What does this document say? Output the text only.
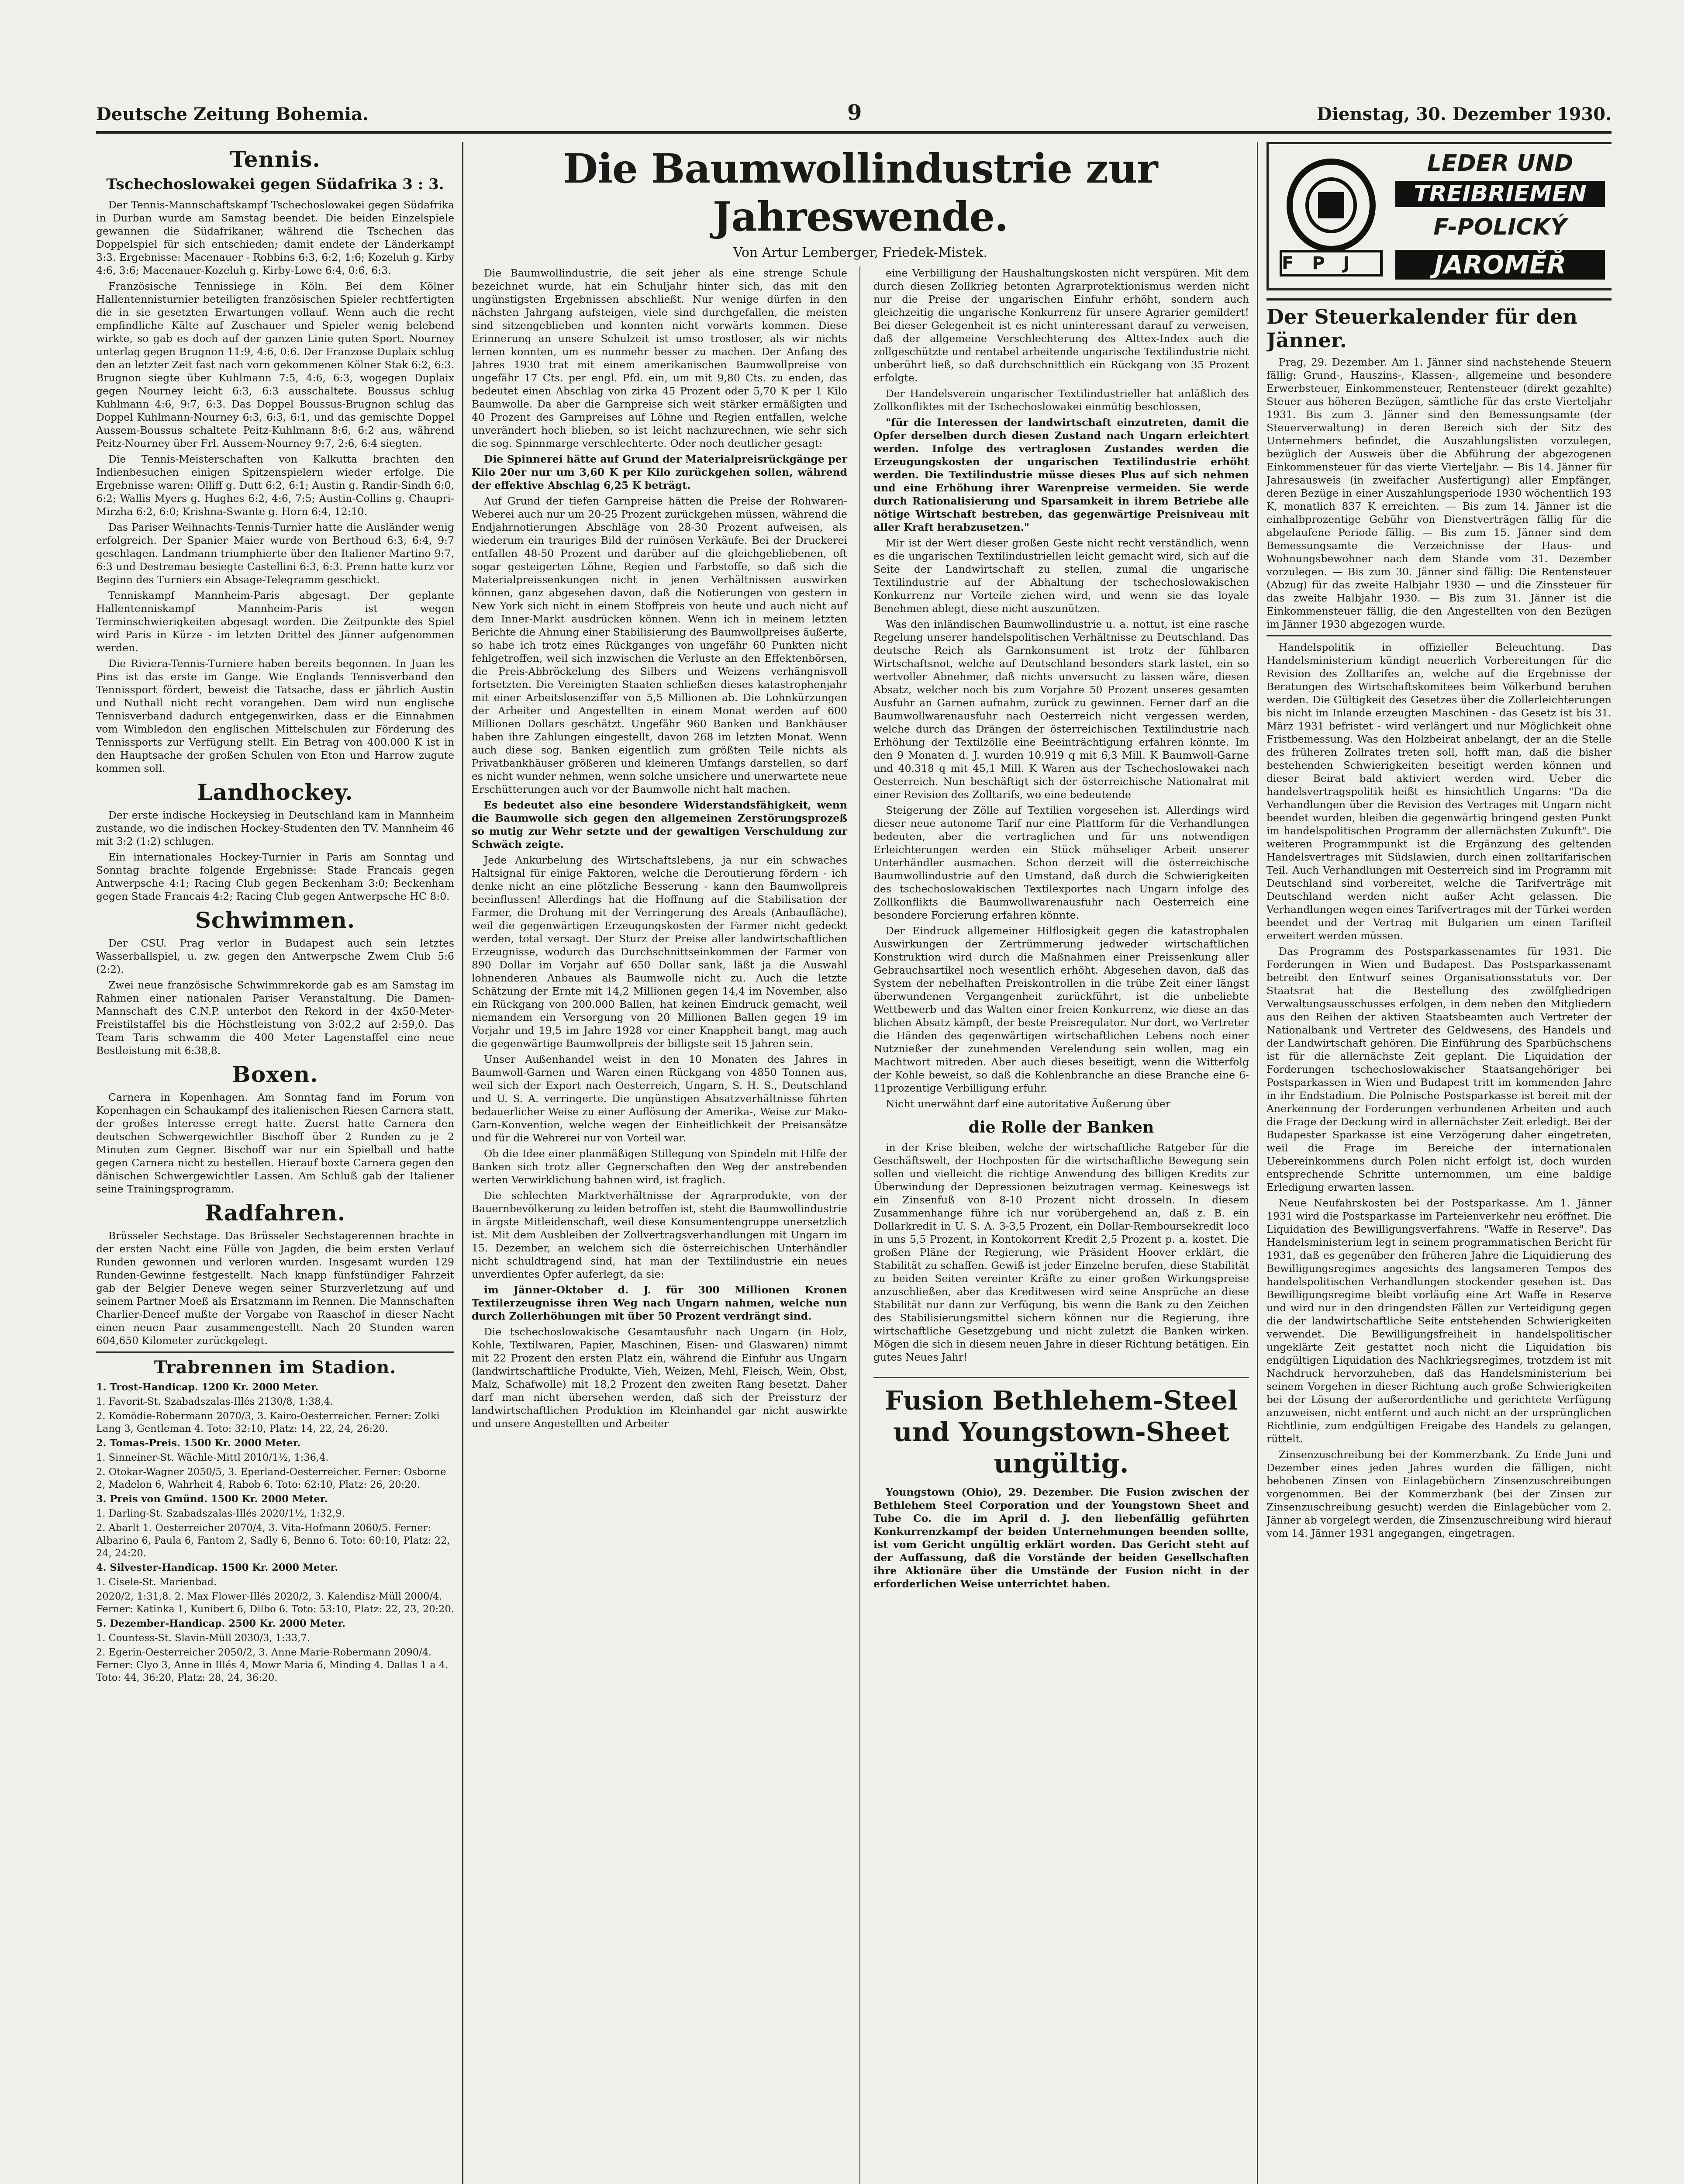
Deutsche Zeitung Bohemia.	9	Dienstag, 30. Dezember 1930.
Tennis.
Tschechoslowakei gegen Südafrika 3 : 3.

Der Tennis-Mannschaftskampf Tschechoslowakei gegen Südafrika in Durban wurde am Samstag beendet. Die beiden Einzelspiele gewannen die Südafrikaner, während die Tschechen das Doppelspiel für sich entschieden; damit endete der Länderkampf 3:3. Ergebnisse: Macenauer - Robbins 6:3, 6:2, 1:6; Kozeluh g. Kirby 4:6, 3:6; Macenauer-Kozeluh g. Kirby-Lowe 6:4, 0:6, 6:3.

Französische Tennissiege in Köln. Bei dem Kölner Hallentennisturnier beteiligten französischen Spieler rechtfertigten die in sie gesetzten Erwartungen vollauf. Wenn auch die recht empfindliche Kälte auf Zuschauer und Spieler wenig belebend wirkte, so gab es doch auf der ganzen Linie guten Sport. Nourney unterlag gegen Brugnon 11:9, 4:6, 0:6. Der Franzose Duplaix schlug den an letzter Zeit fast nach vorn gekommenen Kölner Stak 6:2, 6:3. Brugnon siegte über Kuhlmann 7:5, 4:6, 6:3, wogegen Duplaix gegen Nourney leicht 6:3, 6:3 ausschaltete. Boussus schlug Kuhlmann 4:6, 9:7, 6:3. Das Doppel Boussus-Brugnon schlug das Doppel Kuhlmann-Nourney 6:3, 6:3, 6:1, und das gemischte Doppel Aussem-Boussus schaltete Peitz-Kuhlmann 8:6, 6:2 aus, während Peitz-Nourney über Frl. Aussem-Nourney 9:7, 2:6, 6:4 siegten.

Die Tennis-Meisterschaften von Kalkutta brachten den Indienbesuchen einigen Spitzenspielern wieder erfolge. Die Ergebnisse waren: Olliff g. Dutt 6:2, 6:1; Austin g. Randir-Sindh 6:0, 6:2; Wallis Myers g. Hughes 6:2, 4:6, 7:5; Austin-Collins g. Chaupri-Mirzha 6:2, 6:0; Krishna-Swante g. Horn 6:4, 12:10.

Das Pariser Weihnachts-Tennis-Turnier hatte die Ausländer wenig erfolgreich. Der Spanier Maier wurde von Berthoud 6:3, 6:4, 9:7 geschlagen. Landmann triumphierte über den Italiener Martino 9:7, 6:3 und Destremau besiegte Castellini 6:3, 6:3. Prenn hatte kurz vor Beginn des Turniers ein Absage-Telegramm geschickt.

Tenniskampf Mannheim-Paris abgesagt. Der geplante Hallentenniskampf Mannheim-Paris ist wegen Terminschwierigkeiten abgesagt worden. Die Zeitpunkte des Spiel wird Paris in Kürze - im letzten Drittel des Jänner aufgenommen werden.

Die Riviera-Tennis-Turniere haben bereits begonnen. In Juan les Pins ist das erste im Gange. Wie Englands Tennisverband den Tennissport fördert, beweist die Tatsache, dass er jährlich Austin und Nuthall nicht recht vorangehen. Dem wird nun englische Tennisverband dadurch entgegenwirken, dass er die Einnahmen vom Wimbledon den englischen Mittelschulen zur Förderung des Tennissports zur Verfügung stellt. Ein Betrag von 400.000 K ist in den Hauptsache der großen Schulen von Eton und Harrow zugute kommen soll.

Landhockey.

Der erste indische Hockeysieg in Deutschland kam in Mannheim zustande, wo die indischen Hockey-Studenten den TV. Mannheim 46 mit 3:2 (1:2) schlugen.

Ein internationales Hockey-Turnier in Paris am Sonntag und Sonntag brachte folgende Ergebnisse: Stade Francais gegen Antwerpsche 4:1; Racing Club gegen Beckenham 3:0; Beckenham gegen Stade Francais 4:2; Racing Club gegen Antwerpsche HC 8:0.

Schwimmen.

Der CSU. Prag verlor in Budapest auch sein letztes Wasserballspiel, u. zw. gegen den Antwerpsche Zwem Club 5:6 (2:2).

Zwei neue französische Schwimmrekorde gab es am Samstag im Rahmen einer nationalen Pariser Veranstaltung. Die Damen-Mannschaft des C.N.P. unterbot den Rekord in der 4x50-Meter-Freistilstaffel bis die Höchstleistung von 3:02,2 auf 2:59,0. Das Team Taris schwamm die 400 Meter Lagenstaffel eine neue Bestleistung mit 6:38,8.

Boxen.

Carnera in Kopenhagen. Am Sonntag fand im Forum von Kopenhagen ein Schaukampf des italienischen Riesen Carnera statt, der großes Interesse erregt hatte. Zuerst hatte Carnera den deutschen Schwergewichtler Bischoff über 2 Runden zu je 2 Minuten zum Gegner. Bischoff war nur ein Spielball und hatte gegen Carnera nicht zu bestellen. Hierauf boxte Carnera gegen den dänischen Schwergewichtler Lassen. Am Schluß gab der Italiener seine Trainingsprogramm.

Radfahren.

Brüsseler Sechstage. Das Brüsseler Sechstagerennen brachte in der ersten Nacht eine Fülle von Jagden, die beim ersten Verlauf Runden gewonnen und verloren wurden. Insgesamt wurden 129 Runden-Gewinne festgestellt. Nach knapp fünfstündiger Fahrzeit gab der Belgier Deneve wegen seiner Sturzverletzung auf und seinem Partner Moeß als Ersatzmann im Rennen. Die Mannschaften Charlier-Deneef mußte der Vorgabe von Raaschof in dieser Nacht einen neuen Paar zusammengestellt. Nach 20 Stunden waren 604,650 Kilometer zurückgelegt.

Trabrennen im Stadion.

1. Trost-Handicap. 1200 Kr. 2000 Meter.

1. Favorit-St. Szabadszalas-Illés 2130/8, 1:38,4.

2. Komödie-Robermann 2070/3, 3. Kairo-Oesterreicher. Ferner: Zolki Lang 3, Gentleman 4. Toto: 32:10, Platz: 14, 22, 24, 26:20.

2. Tomas-Preis. 1500 Kr. 2000 Meter.

1. Sinneiner-St. Wächle-Mittl 2010/1½, 1:36,4.

2. Otokar-Wagner 2050/5, 3. Eperland-Oesterreicher. Ferner: Osborne 2, Madelon 6, Wahrheit 4, Rabob 6. Toto: 62:10, Platz: 26, 20:20.

3. Preis von Gmünd. 1500 Kr. 2000 Meter.

1. Darling-St. Szabadszalas-Illés 2020/1½, 1:32,9.

2. Abarlt 1. Oesterreicher 2070/4, 3. Vita-Hofmann 2060/5. Ferner: Albarino 6, Paula 6, Fantom 2, Sadly 6, Benno 6. Toto: 60:10, Platz: 22, 24, 24:20.

4. Silvester-Handicap. 1500 Kr. 2000 Meter.

1. Cisele-St. Marienbad.

2020/2, 1:31,8. 2. Max Flower-Illés 2020/2, 3. Kalendisz-Müll 2000/4. Ferner: Katinka 1, Kunibert 6, Dilbo 6. Toto: 53:10, Platz: 22, 23, 20:20.

5. Dezember-Handicap. 2500 Kr. 2000 Meter.

1. Countess-St. Slavin-Müll 2030/3, 1:33,7.

2. Egerin-Oesterreicher 2050/2, 3. Anne Marie-Robermann 2090/4. Ferner: Clyo 3, Anne in Illés 4, Mowr Maria 6, Minding 4. Dallas 1 a 4. Toto: 44, 36:20, Platz: 28, 24, 36:20.

Die Baumwollindustrie zur Jahreswende.
Von Artur Lemberger, Friedek-Mistek.

Die Baumwollindustrie, die seit jeher als eine strenge Schule bezeichnet wurde, hat ein Schuljahr hinter sich, das mit den ungünstigsten Ergebnissen abschließt. Nur wenige dürfen in den nächsten Jahrgang aufsteigen, viele sind durchgefallen, die meisten sind sitzengeblieben und konnten nicht vorwärts kommen. Diese Erinnerung an unsere Schulzeit ist umso trostloser, als wir nichts lernen konnten, um es nunmehr besser zu machen. Der Anfang des Jahres 1930 trat mit einem amerikanischen Baumwollpreise von ungefähr 17 Cts. per engl. Pfd. ein, um mit 9,80 Cts. zu enden, das bedeutet einen Abschlag von zirka 45 Prozent oder 5,70 K per 1 Kilo Baumwolle. Da aber die Garnpreise sich weit stärker ermäßigten und 40 Prozent des Garnpreises auf Löhne und Regien entfallen, welche unverändert hoch blieben, so ist leicht nachzurechnen, wie sehr sich die sog. Spinnmarge verschlechterte. Oder noch deutlicher gesagt:

Die Spinnerei hätte auf Grund der Materialpreisrückgänge per Kilo 20er nur um 3,60 K per Kilo zurückgehen sollen, während der effektive Abschlag 6,25 K beträgt.

Auf Grund der tiefen Garnpreise hätten die Preise der Rohwaren-Weberei auch nur um 20-25 Prozent zurückgehen müssen, während die Endjahrnotierungen Abschläge von 28-30 Prozent aufweisen, als wiederum ein trauriges Bild der ruinösen Verkäufe. Bei der Druckerei entfallen 48-50 Prozent und darüber auf die gleichgebliebenen, oft sogar gesteigerten Löhne, Regien und Farbstoffe, so daß sich die Materialpreissenkungen nicht in jenen Verhältnissen auswirken können, ganz abgesehen davon, daß die Notierungen von gestern in New York sich nicht in einem Stoffpreis von heute und auch nicht auf dem Inner-Markt ausdrücken können. Wenn ich in meinem letzten Berichte die Ahnung einer Stabilisierung des Baumwollpreises äußerte, so habe ich trotz eines Rückganges von ungefähr 60 Punkten nicht fehlgetroffen, weil sich inzwischen die Verluste an den Effektenbörsen, die Preis-Abbröckelung des Silbers und Weizens verhängnisvoll fortsetzten. Die Vereinigten Staaten schließen dieses katastrophenjahr mit einer Arbeitslosenziffer von 5,5 Millionen ab. Die Lohnkürzungen der Arbeiter und Angestellten in einem Monat werden auf 600 Millionen Dollars geschätzt. Ungefähr 960 Banken und Bankhäuser haben ihre Zahlungen eingestellt, davon 268 im letzten Monat. Wenn auch diese sog. Banken eigentlich zum größten Teile nichts als Privatbankhäuser größeren und kleineren Umfangs darstellen, so darf es nicht wunder nehmen, wenn solche unsichere und unerwartete neue Erschütterungen auch vor der Baumwolle nicht halt machen.

Es bedeutet also eine besondere Widerstandsfähigkeit, wenn die Baumwolle sich gegen den allgemeinen Zerstörungsprozeß so mutig zur Wehr setzte und der gewaltigen Verschuldung zur Schwäch zeigte.

Jede Ankurbelung des Wirtschaftslebens, ja nur ein schwaches Haltsignal für einige Faktoren, welche die Deroutierung fördern - ich denke nicht an eine plötzliche Besserung - kann den Baumwollpreis beeinflussen! Allerdings hat die Hoffnung auf die Stabilisation der Farmer, die Drohung mit der Verringerung des Areals (Anbaufläche), weil die gegenwärtigen Erzeugungskosten der Farmer nicht gedeckt werden, total versagt. Der Sturz der Preise aller landwirtschaftlichen Erzeugnisse, wodurch das Durchschnittseinkommen der Farmer von 890 Dollar im Vorjahr auf 650 Dollar sank, läßt ja die Auswahl lohnenderen Anbaues als Baumwolle nicht zu. Auch die letzte Schätzung der Ernte mit 14,2 Millionen gegen 14,4 im November, also ein Rückgang von 200.000 Ballen, hat keinen Eindruck gemacht, weil niemandem ein Versorgung von 20 Millionen Ballen gegen 19 im Vorjahr und 19,5 im Jahre 1928 vor einer Knappheit bangt, mag auch die gegenwärtige Baumwollpreis der billigste seit 15 Jahren sein.

Unser Außenhandel weist in den 10 Monaten des Jahres in Baumwoll-Garnen und Waren einen Rückgang von 4850 Tonnen aus, weil sich der Export nach Oesterreich, Ungarn, S. H. S., Deutschland und U. S. A. verringerte. Die ungünstigen Absatzverhältnisse führten bedauerlicher Weise zu einer Auflösung der Amerika-, Weise zur Mako-Garn-Konvention, welche wegen der Einheitlichkeit der Preisansätze und für die Wehrerei nur von Vorteil war.

Ob die Idee einer planmäßigen Stillegung von Spindeln mit Hilfe der Banken sich trotz aller Gegnerschaften den Weg der anstrebenden werten Verwirklichung bahnen wird, ist fraglich.

Die schlechten Marktverhältnisse der Agrarprodukte, von der Bauernbevölkerung zu leiden betroffen ist, steht die Baumwollindustrie in ärgste Mitleidenschaft, weil diese Konsumentengruppe unersetzlich ist. Mit dem Ausbleiben der Zollvertragsverhandlungen mit Ungarn im 15. Dezember, an welchem sich die österreichischen Unterhändler nicht schuldtragend sind, hat man der Textilindustrie ein neues unverdientes Opfer auferlegt, da sie:

im Jänner-Oktober d. J. für 300 Millionen Kronen Textilerzeugnisse ihren Weg nach Ungarn nahmen, welche nun durch Zollerhöhungen mit über 50 Prozent verdrängt sind.

Die tschechoslowakische Gesamtausfuhr nach Ungarn (in Holz, Kohle, Textilwaren, Papier, Maschinen, Eisen- und Glaswaren) nimmt mit 22 Prozent den ersten Platz ein, während die Einfuhr aus Ungarn (landwirtschaftliche Produkte, Vieh, Weizen, Mehl, Fleisch, Wein, Obst, Malz, Schafwolle) mit 18,2 Prozent den zweiten Rang besetzt. Daher darf man nicht übersehen werden, daß sich der Preissturz der landwirtschaftlichen Produktion im Kleinhandel gar nicht auswirkte und unsere Angestellten und Arbeiter

eine Verbilligung der Haushaltungskosten nicht verspüren. Mit dem durch diesen Zollkrieg betonten Agrarprotektionismus werden nicht nur die Preise der ungarischen Einfuhr erhöht, sondern auch gleichzeitig die ungarische Konkurrenz für unsere Agrarier gemildert! Bei dieser Gelegenheit ist es nicht uninteressant darauf zu verweisen, daß der allgemeine Verschlechterung des Alttex-Index auch die zollgeschützte und rentabel arbeitende ungarische Textilindustrie nicht unberührt ließ, so daß durchschnittlich ein Rückgang von 35 Prozent erfolgte.

Der Handelsverein ungarischer Textilindustrieller hat anläßlich des Zollkonfliktes mit der Tschechoslowakei einmütig beschlossen,

"für die Interessen der landwirtschaft einzutreten, damit die Opfer derselben durch diesen Zustand nach Ungarn erleichtert werden. Infolge des vertraglosen Zustandes werden die Erzeugungskosten der ungarischen Textilindustrie erhöht werden. Die Textilindustrie müsse dieses Plus auf sich nehmen und eine Erhöhung ihrer Warenpreise vermeiden. Sie werde durch Rationalisierung und Sparsamkeit in ihrem Betriebe alle nötige Wirtschaft bestreben, das gegenwärtige Preisniveau mit aller Kraft herabzusetzen."

Mir ist der Wert dieser großen Geste nicht recht verständlich, wenn es die ungarischen Textilindustriellen leicht gemacht wird, sich auf die Seite der Landwirtschaft zu stellen, zumal die ungarische Textilindustrie auf der Abhaltung der tschechoslowakischen Konkurrenz nur Vorteile ziehen wird, und wenn sie das loyale Benehmen ablegt, diese nicht auszunützen.

Was den inländischen Baumwollindustrie u. a. nottut, ist eine rasche Regelung unserer handelspolitischen Verhältnisse zu Deutschland. Das deutsche Reich als Garnkonsument ist trotz der fühlbaren Wirtschaftsnot, welche auf Deutschland besonders stark lastet, ein so wertvoller Abnehmer, daß nichts unversucht zu lassen wäre, diesen Absatz, welcher noch bis zum Vorjahre 50 Prozent unseres gesamten Ausfuhr an Garnen aufnahm, zurück zu gewinnen. Ferner darf an die Baumwollwarenausfuhr nach Oesterreich nicht vergessen werden, welche durch das Drängen der österreichischen Textilindustrie nach Erhöhung der Textilzölle eine Beeinträchtigung erfahren könnte. Im den 9 Monaten d. J. wurden 10.919 q mit 6,3 Mill. K Baumwoll-Garne und 40.318 q mit 45,1 Mill. K Waren aus der Tschechoslowakei nach Oesterreich. Nun beschäftigt sich der österreichische Nationalrat mit einer Revision des Zolltarifs, wo eine bedeutende

Steigerung der Zölle auf Textilien vorgesehen ist. Allerdings wird dieser neue autonome Tarif nur eine Plattform für die Verhandlungen bedeuten, aber die vertraglichen und für uns notwendigen Erleichterungen werden ein Stück mühseliger Arbeit unserer Unterhändler ausmachen. Schon derzeit will die österreichische Baumwollindustrie auf den Umstand, daß durch die Schwierigkeiten des tschechoslowakischen Textilexportes nach Ungarn infolge des Zollkonflikts die Baumwollwarenausfuhr nach Oesterreich eine besondere Forcierung erfahren könnte.

Der Eindruck allgemeiner Hilflosigkeit gegen die katastrophalen Auswirkungen der Zertrümmerung jedweder wirtschaftlichen Konstruktion wird durch die Maßnahmen einer Preissenkung aller Gebrauchsartikel noch wesentlich erhöht. Abgesehen davon, daß das System der nebelhaften Preiskontrollen in die trübe Zeit einer längst überwundenen Vergangenheit zurückführt, ist die unbeliebte Wettbewerb und das Walten einer freien Konkurrenz, wie diese an das blichen Absatz kämpft, der beste Preisregulator. Nur dort, wo Vertreter die Händen des gegenwärtigen wirtschaftlichen Lebens noch einer Nutznießer der zunehmenden Verelendung sein wollen, mag ein Machtwort mitreden. Aber auch dieses beseitigt, wenn die Witterfolg der Kohle beweist, so daß die Kohlenbranche an diese Branche eine 6-11prozentige Verbilligung erfuhr.

Nicht unerwähnt darf eine autoritative Äußerung über

die Rolle der Banken

in der Krise bleiben, welche der wirtschaftliche Ratgeber für die Geschäftswelt, der Hochposten für die wirtschaftliche Bewegung sein sollen und vielleicht die richtige Anwendung des billigen Kredits zur Überwindung der Depressionen beizutragen vermag. Keineswegs ist ein Zinsenfuß von 8-10 Prozent nicht drosseln. In diesem Zusammenhange führe ich nur vorübergehend an, daß z. B. ein Dollarkredit in U. S. A. 3-3,5 Prozent, ein Dollar-Remboursekredit loco in uns 5,5 Prozent, in Kontokorrent Kredit 2,5 Prozent p. a. kostet. Die großen Pläne der Regierung, wie Präsident Hoover erklärt, die Stabilität zu schaffen. Gewiß ist jeder Einzelne berufen, diese Stabilität zu beiden Seiten vereinter Kräfte zu einer großen Wirkungspreise anzuschließen, aber das Kreditwesen wird seine Ansprüche an diese Stabilität nur dann zur Verfügung, bis wenn die Bank zu den Zeichen des Stabilisierungsmittel sichern können nur die Regierung, ihre wirtschaftliche Gesetzgebung und nicht zuletzt die Banken wirken. Mögen die sich in diesem neuen Jahre in dieser Richtung betätigen. Ein gutes Neues Jahr!

Fusion Bethlehem-Steel und Youngstown-Sheet ungültig.

Youngstown (Ohio), 29. Dezember. Die Fusion zwischen der Bethlehem Steel Corporation und der Youngstown Sheet and Tube Co. die im April d. J. den liebenfällig geführten Konkurrenzkampf der beiden Unternehmungen beenden sollte, ist vom Gericht ungültig erklärt worden. Das Gericht steht auf der Auffassung, daß die Vorstände der beiden Gesellschaften ihre Aktionäre über die Umstände der Fusion nicht in der erforderlichen Weise unterrichtet haben.

F P J
LEDER UND
TREIBRIEMEN
F-POLICKÝ
JAROMĚŘ
Der Steuerkalender für den Jänner.

Prag, 29. Dezember. Am 1. Jänner sind nachstehende Steuern fällig: Grund-, Hauszins-, Klassen-, allgemeine und besondere Erwerbsteuer, Einkommensteuer, Rentensteuer (direkt gezahlte) Steuer aus höheren Bezügen, sämtliche für das erste Vierteljahr 1931. Bis zum 3. Jänner sind den Bemessungsamte (der Steuerverwaltung) in deren Bereich sich der Sitz des Unternehmers befindet, die Auszahlungslisten vorzulegen, bezüglich der Ausweis über die Abführung der abgezogenen Einkommensteuer für das vierte Vierteljahr. — Bis 14. Jänner für Jahresausweis (in zweifacher Ausfertigung) aller Empfänger, deren Bezüge in einer Auszahlungsperiode 1930 wöchentlich 193 K, monatlich 837 K erreichten. — Bis zum 14. Jänner ist die einhalbprozentige Gebühr von Dienstverträgen fällig für die abgelaufene Periode fällig. — Bis zum 15. Jänner sind dem Bemessungsamte die Verzeichnisse der Haus- und Wohnungsbewohner nach dem Stande vom 31. Dezember vorzulegen. — Bis zum 30. Jänner sind fällig: Die Rentensteuer (Abzug) für das zweite Halbjahr 1930 — und die Zinssteuer für das zweite Halbjahr 1930. — Bis zum 31. Jänner ist die Einkommensteuer fällig, die den Angestellten von den Bezügen im Jänner 1930 abgezogen wurde.

Handelspolitik in offizieller Beleuchtung. Das Handelsministerium kündigt neuerlich Vorbereitungen für die Revision des Zolltarifes an, welche auf die Ergebnisse der Beratungen des Wirtschaftskomitees beim Völkerbund beruhen werden. Die Gültigkeit des Gesetzes über die Zollerleichterungen bis nicht im Inlande erzeugten Maschinen - das Gesetz ist bis 31. März 1931 befristet - wird verlängert und nur Möglichkeit ohne Fristbemessung. Was den Holzbeirat anbelangt, der an die Stelle des früheren Zollrates treten soll, hofft man, daß die bisher bestehenden Schwierigkeiten beseitigt werden können und dieser Beirat bald aktiviert werden wird. Ueber die handelsvertragspolitik heißt es hinsichtlich Ungarns: "Da die Verhandlungen über die Revision des Vertrages mit Ungarn nicht beendet wurden, bleiben die gegenwärtig bringend gesten Punkt im handelspolitischen Programm der allernächsten Zukunft". Die weiteren Programmpunkt ist die Ergänzung des geltenden Handelsvertrages mit Südslawien, durch einen zolltarifarischen Teil. Auch Verhandlungen mit Oesterreich sind im Programm mit Deutschland sind vorbereitet, welche die Tarifverträge mit Deutschland werden nicht außer Acht gelassen. Die Verhandlungen wegen eines Tarifvertrages mit der Türkei werden beendet und der Vertrag mit Bulgarien um einen Tarifteil erweitert werden müssen.

Das Programm des Postsparkassenamtes für 1931. Die Forderungen in Wien und Budapest. Das Postsparkassenamt betreibt den Entwurf seines Organisationsstatuts vor. Der Staatsrat hat die Bestellung des zwölfgliedrigen Verwaltungsausschusses erfolgen, in dem neben den Mitgliedern aus den Reihen der aktiven Staatsbeamten auch Vertreter der Nationalbank und Vertreter des Geldwesens, des Handels und der Landwirtschaft gehören. Die Einführung des Sparbüchschens ist für die allernächste Zeit geplant. Die Liquidation der Forderungen tschechoslowakischer Staatsangehöriger bei Postsparkassen in Wien und Budapest tritt im kommenden Jahre in ihr Endstadium. Die Polnische Postsparkasse ist bereit mit der Anerkennung der Forderungen verbundenen Arbeiten und auch die Frage der Deckung wird in allernächster Zeit erledigt. Bei der Budapester Sparkasse ist eine Verzögerung daher eingetreten, weil die Frage im Bereiche der internationalen Uebereinkommens durch Polen nicht erfolgt ist, doch wurden entsprechende Schritte unternommen, um eine baldige Erledigung erwarten lassen.

Neue Neufahrskosten bei der Postsparkasse. Am 1. Jänner 1931 wird die Postsparkasse im Parteienverkehr neu eröffnet. Die Liquidation des Bewilligungsverfahrens. "Waffe in Reserve". Das Handelsministerium legt in seinem programmatischen Bericht für 1931, daß es gegenüber den früheren Jahre die Liquidierung des Bewilligungsregimes angesichts des langsameren Tempos des handelspolitischen Verhandlungen stockender gesehen ist. Das Bewilligungsregime bleibt vorläufig eine Art Waffe in Reserve und wird nur in den dringendsten Fällen zur Verteidigung gegen die der landwirtschaftliche Seite entstehenden Schwierigkeiten verwendet. Die Bewilligungsfreiheit in handelspolitischer ungeklärte Zeit gestattet noch nicht die Liquidation bis endgültigen Liquidation des Nachkriegsregimes, trotzdem ist mit Nachdruck hervorzuheben, daß das Handelsministerium bei seinem Vorgehen in dieser Richtung auch große Schwierigkeiten bei der Lösung der außerordentliche und gerichtete Verfügung anzuweisen, nicht entfernt und auch nicht an der ursprünglichen Richtlinie, zum endgültigen Freigabe des Handels zu gelangen, rüttelt.

Zinsenzuschreibung bei der Kommerzbank. Zu Ende Juni und Dezember eines jeden Jahres wurden die fälligen, nicht behobenen Zinsen von Einlagebüchern Zinsenzuschreibungen vorgenommen. Bei der Kommerzbank (bei der Zinsen zur Zinsenzuschreibung gesucht) werden die Einlagebücher vom 2. Jänner ab vorgelegt werden, die Zinsenzuschreibung wird hierauf vom 14. Jänner 1931 angegangen, eingetragen.
